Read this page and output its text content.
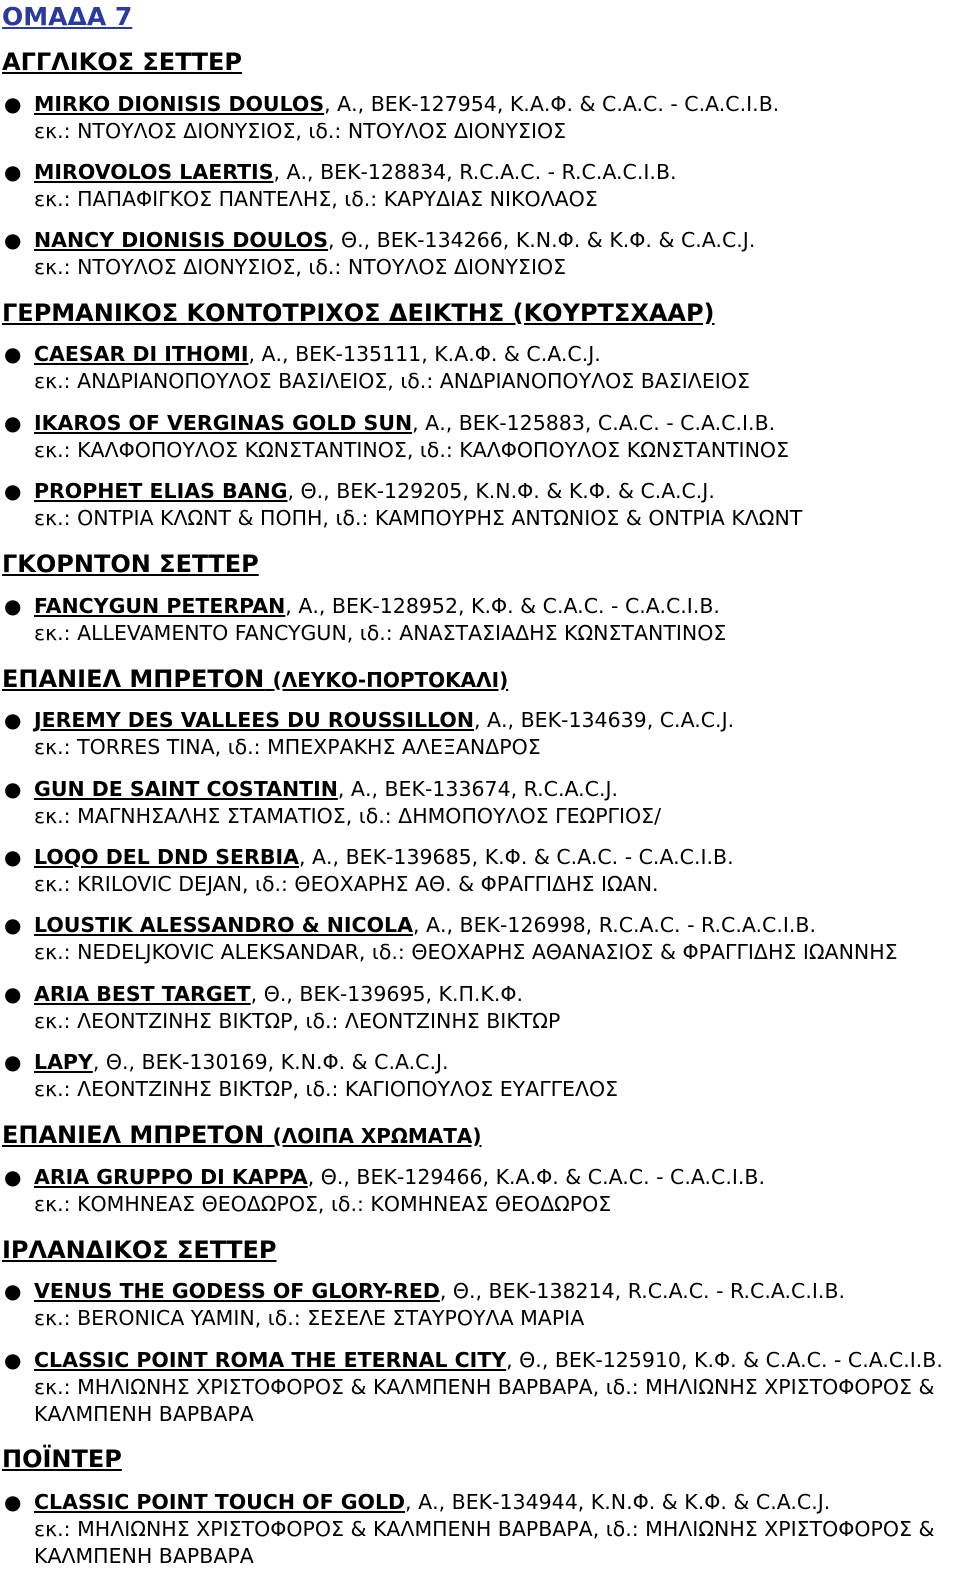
ΟΜΑΔΑ 7
ΑΓΓΛΙΚΟΣ ΣΕΤΤΕΡ
● MIRKO DIONISIS DOULOS, Α., ΒΕΚ-127954, Κ.Α.Φ. & C.A.C. - C.A.C.I.B.
εκ.: ΝΤΟΥΛΟΣ ΔΙΟΝΥΣΙΟΣ, ιδ.: ΝΤΟΥΛΟΣ ΔΙΟΝΥΣΙΟΣ
● MIROVOLOS LAERTIS, Α., ΒΕΚ-128834, R.C.A.C. - R.C.A.C.I.B.
εκ.: ΠΑΠΑΦΙΓΚΟΣ ΠΑΝΤΕΛΗΣ, ιδ.: ΚΑΡΥΔΙΑΣ ΝΙΚΟΛΑΟΣ
● NANCY DIONISIS DOULOS, Θ., ΒΕΚ-134266, Κ.Ν.Φ. & Κ.Φ. & C.A.C.J.
εκ.: ΝΤΟΥΛΟΣ ΔΙΟΝΥΣΙΟΣ, ιδ.: ΝΤΟΥΛΟΣ ΔΙΟΝΥΣΙΟΣ
ΓΕΡΜΑΝΙΚΟΣ ΚΟΝΤΟΤΡΙΧΟΣ ΔΕΙΚΤΗΣ (ΚΟΥΡΤΣΧΑΑΡ)
● CAESAR DI ITHOMI, Α., ΒΕΚ-135111, Κ.Α.Φ. & C.A.C.J.
εκ.: ΑΝΔΡΙΑΝΟΠΟΥΛΟΣ ΒΑΣΙΛΕΙΟΣ, ιδ.: ΑΝΔΡΙΑΝΟΠΟΥΛΟΣ ΒΑΣΙΛΕΙΟΣ
● IKAROS OF VERGINAS GOLD SUN, Α., ΒΕΚ-125883, C.A.C. - C.A.C.I.B.
εκ.: ΚΑΛΦΟΠΟΥΛΟΣ ΚΩΝΣΤΑΝΤΙΝΟΣ, ιδ.: ΚΑΛΦΟΠΟΥΛΟΣ ΚΩΝΣΤΑΝΤΙΝΟΣ
● PROPHET ELIAS BANG, Θ., ΒΕΚ-129205, Κ.Ν.Φ. & Κ.Φ. & C.A.C.J.
εκ.: ΟΝΤΡΙΑ ΚΛΩΝΤ & ΠΟΠΗ, ιδ.: ΚΑΜΠΟΥΡΗΣ ΑΝΤΩΝΙΟΣ & ΟΝΤΡΙΑ ΚΛΩΝΤ
ΓΚΟΡΝΤΟΝ ΣΕΤΤΕΡ
● FANCYGUN PETERPAN, Α., ΒΕΚ-128952, Κ.Φ. & C.A.C. - C.A.C.I.B.
εκ.: ALLEVAMENTO FANCYGUN, ιδ.: ΑΝΑΣΤΑΣΙΑΔΗΣ ΚΩΝΣΤΑΝΤΙΝΟΣ
ΕΠΑΝΙΕΛ ΜΠΡΕΤΟΝ (ΛΕΥΚΟ-ΠΟΡΤΟΚΑΛΙ)
● JEREMY DES VALLEES DU ROUSSILLON, Α., ΒΕΚ-134639, C.A.C.J.
εκ.: TORRES TINA, ιδ.: ΜΠΕΧΡΑΚΗΣ ΑΛΕΞΑΝΔΡΟΣ
● GUN DE SAINT COSTANTIN, Α., ΒΕΚ-133674, R.C.A.C.J.
εκ.: ΜΑΓΝΗΣΑΛΗΣ ΣΤΑΜΑΤΙΟΣ, ιδ.: ΔΗΜΟΠΟΥΛΟΣ ΓΕΩΡΓΙΟΣ/
● LOQO DEL DND SERBIA, Α., ΒΕΚ-139685, Κ.Φ. & C.A.C. - C.A.C.I.B.
εκ.: KRILOVIC DEJAN, ιδ.: ΘΕΟΧΑΡΗΣ ΑΘ. & ΦΡΑΓΓΙΔΗΣ ΙΩΑΝ.
● LOUSTIK ALESSANDRO & NICOLA, Α., ΒΕΚ-126998, R.C.A.C. - R.C.A.C.I.B.
εκ.: NEDELJKOVIC ALEKSANDAR, ιδ.: ΘΕΟΧΑΡΗΣ ΑΘΑΝΑΣΙΟΣ & ΦΡΑΓΓΙΔΗΣ ΙΩΑΝΝΗΣ
● ARIA BEST TARGET, Θ., ΒΕΚ-139695, Κ.Π.Κ.Φ.
εκ.: ΛΕΟΝΤΖΙΝΗΣ ΒΙΚΤΩΡ, ιδ.: ΛΕΟΝΤΖΙΝΗΣ ΒΙΚΤΩΡ
● LAPY, Θ., ΒΕΚ-130169, Κ.Ν.Φ. & C.A.C.J.
εκ.: ΛΕΟΝΤΖΙΝΗΣ ΒΙΚΤΩΡ, ιδ.: ΚΑΓΙΟΠΟΥΛΟΣ ΕΥΑΓΓΕΛΟΣ
ΕΠΑΝΙΕΛ ΜΠΡΕΤΟΝ (ΛΟΙΠΑ ΧΡΩΜΑΤΑ)
● ARIA GRUPPO DI KAPPA, Θ., ΒΕΚ-129466, Κ.Α.Φ. & C.A.C. - C.A.C.I.B.
εκ.: ΚΟΜΗΝΕΑΣ ΘΕΟΔΩΡΟΣ, ιδ.: ΚΟΜΗΝΕΑΣ ΘΕΟΔΩΡΟΣ
ΙΡΛΑΝΔΙΚΟΣ ΣΕΤΤΕΡ
● VENUS THE GODESS OF GLORY-RED, Θ., ΒΕΚ-138214, R.C.A.C. - R.C.A.C.I.B.
εκ.: BERONICA YAMIN, ιδ.: ΣΕΣΕΛΕ ΣΤΑΥΡΟΥΛΑ ΜΑΡΙΑ
● CLASSIC POINT ROMA THE ETERNAL CITY, Θ., ΒΕΚ-125910, Κ.Φ. & C.A.C. - C.A.C.I.B.
εκ.: ΜΗΛΙΩΝΗΣ ΧΡΙΣΤΟΦΟΡΟΣ & ΚΑΛΜΠΕΝΗ ΒΑΡΒΑΡΑ, ιδ.: ΜΗΛΙΩΝΗΣ ΧΡΙΣΤΟΦΟΡΟΣ & ΚΑΛΜΠΕΝΗ ΒΑΡΒΑΡΑ
ΠΟΪΝΤΕΡ
● CLASSIC POINT TOUCH OF GOLD, Α., ΒΕΚ-134944, Κ.Ν.Φ. & Κ.Φ. & C.A.C.J.
εκ.: ΜΗΛΙΩΝΗΣ ΧΡΙΣΤΟΦΟΡΟΣ & ΚΑΛΜΠΕΝΗ ΒΑΡΒΑΡΑ, ιδ.: ΜΗΛΙΩΝΗΣ ΧΡΙΣΤΟΦΟΡΟΣ & ΚΑΛΜΠΕΝΗ ΒΑΡΒΑΡΑ
